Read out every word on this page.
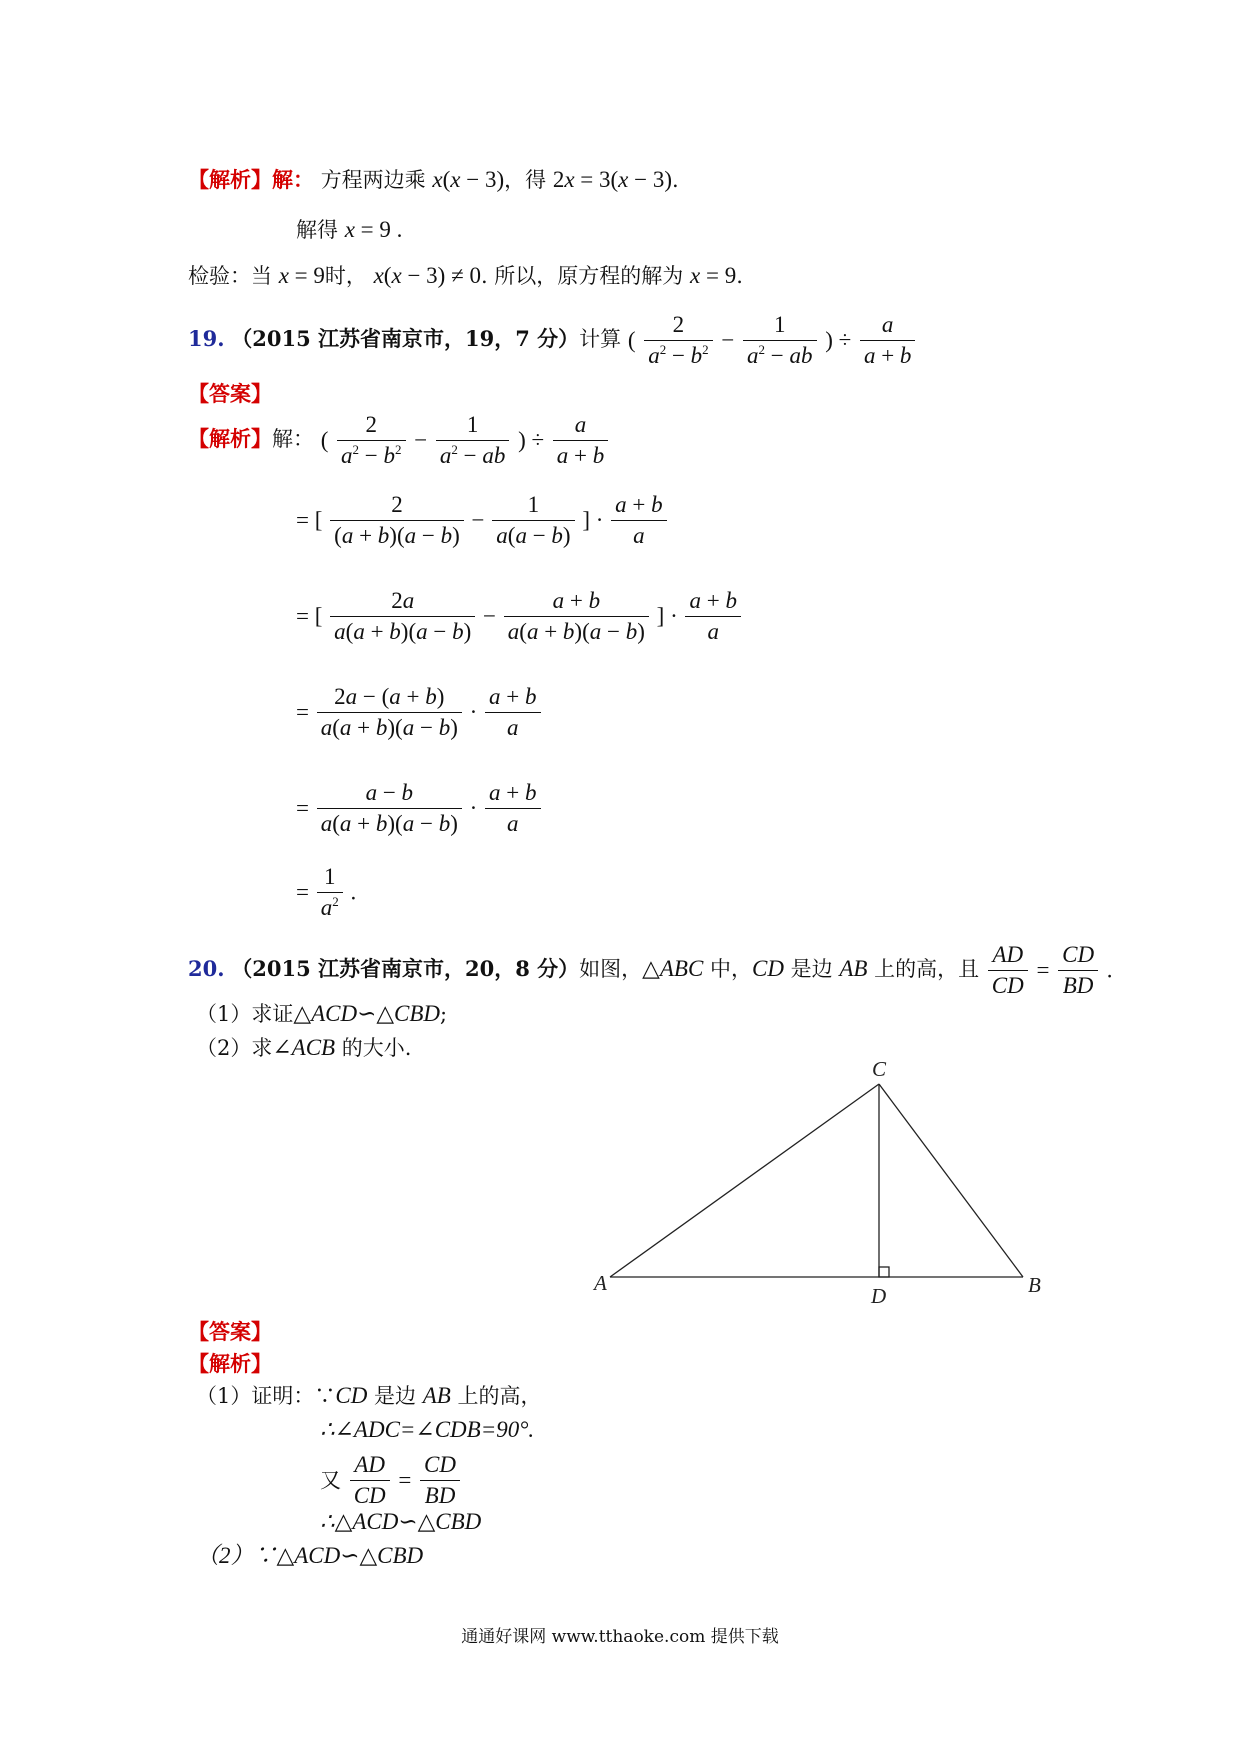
【解析】解： 方程两边乘 x(x − 3)，得 2x = 3(x − 3).
解得 x = 9 .
检验：当 x = 9时， x(x − 3) ≠ 0. 所以，原方程的解为 x = 9.
19. （2015 江苏省南京市，19，7 分）计算 ( $\frac{2}{a^2 - b^2} - \frac{1}{a^2 - ab}$ ) ÷ $\frac{a}{a + b}$
【答案】
【解析】解： ( $\frac{2}{a^2 - b^2} - \frac{1}{a^2 - ab}$ ) ÷ $\frac{a}{a + b}$
= [ $\frac{2}{(a + b)(a - b)} - \frac{1}{a(a - b)}$ ] · $\frac{a + b}{a}$
= [ $\frac{2a}{a(a + b)(a - b)} - \frac{a + b}{a(a + b)(a - b)}$ ] · $\frac{a + b}{a}$
= $\frac{2a - (a + b)}{a(a + b)(a - b)} \cdot \frac{a + b}{a}$
= $\frac{a - b}{a(a + b)(a - b)} \cdot \frac{a + b}{a}$
= $\frac{1}{a^2}$ .
20. （2015 江苏省南京市，20，8 分）如图，△ABC 中，CD 是边 AB 上的高，且 $\frac{AD}{CD} = \frac{CD}{BD}$ .
（1）求证△ACD∽△CBD;
（2）求∠ACB 的大小.
A	B
C
D
【答案】
【解析】
（1）证明：∵CD 是边 AB 上的高，
∴∠ADC=∠CDB=90°.
又 $\frac{AD}{CD} = \frac{CD}{BD}$
∴△ACD∽△CBD
（2）∵△ACD∽△CBD
通通好课网 www.tthaoke.com 提供下载
